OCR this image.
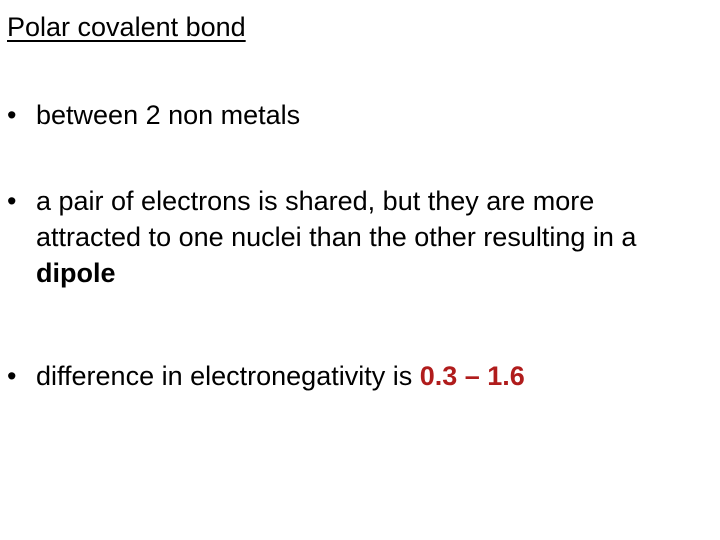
Polar covalent bond
• between 2 non metals
• a pair of electrons is shared, but they are more attracted to one nuclei than the other resulting in a dipole
• difference in electronegativity is 0.3 – 1.6
